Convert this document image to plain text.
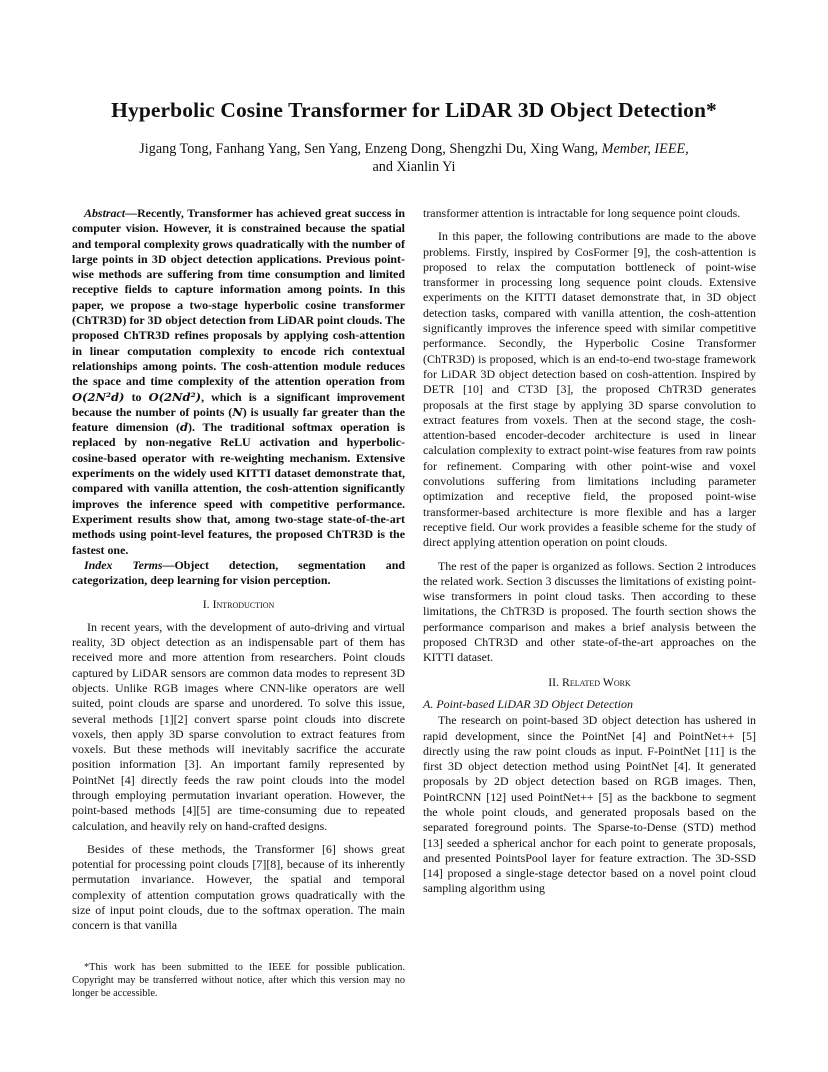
Hyperbolic Cosine Transformer for LiDAR 3D Object Detection*
Jigang Tong, Fanhang Yang, Sen Yang, Enzeng Dong, Shengzhi Du, Xing Wang, Member, IEEE,
and Xianlin Yi

Abstract—Recently, Transformer has achieved great success in computer vision. However, it is constrained because the spatial and temporal complexity grows quadratically with the number of large points in 3D object detection applications. Previous point-wise methods are suffering from time consumption and limited receptive fields to capture information among points. In this paper, we propose a two-stage hyperbolic cosine transformer (ChTR3D) for 3D object detection from LiDAR point clouds. The proposed ChTR3D refines proposals by applying cosh-attention in linear computation complexity to encode rich contextual relationships among points. The cosh-attention module reduces the space and time complexity of the attention operation from O(2N²d) to O(2Nd²), which is a significant improvement because the number of points (N) is usually far greater than the feature dimension (d). The traditional softmax operation is replaced by non-negative ReLU activation and hyperbolic-cosine-based operator with re-weighting mechanism. Extensive experiments on the widely used KITTI dataset demonstrate that, compared with vanilla attention, the cosh-attention significantly improves the inference speed with competitive performance. Experiment results show that, among two-stage state-of-the-art methods using point-level features, the proposed ChTR3D is the fastest one.

Index Terms—Object detection, segmentation and categorization, deep learning for vision perception.

I. Introduction

In recent years, with the development of auto-driving and virtual reality, 3D object detection as an indispensable part of them has received more and more attention from researchers. Point clouds captured by LiDAR sensors are common data modes to represent 3D objects. Unlike RGB images where CNN-like operators are well suited, point clouds are sparse and unordered. To solve this issue, several methods [1][2] convert sparse point clouds into discrete voxels, then apply 3D sparse convolution to extract features from voxels. But these methods will inevitably sacrifice the accurate position information [3]. An important family represented by PointNet [4] directly feeds the raw point clouds into the model through employing permutation invariant operation. However, the point-based methods [4][5] are time-consuming due to repeated calculation, and heavily rely on hand-crafted designs.

Besides of these methods, the Transformer [6] shows great potential for processing point clouds [7][8], because of its inherently permutation invariance. However, the spatial and temporal complexity of attention computation grows quadratically with the size of input point clouds, due to the softmax operation. The main concern is that vanilla

transformer attention is intractable for long sequence point clouds.

In this paper, the following contributions are made to the above problems. Firstly, inspired by CosFormer [9], the cosh-attention is proposed to relax the computation bottleneck of point-wise transformer in processing long sequence point clouds. Extensive experiments on the KITTI dataset demonstrate that, in 3D object detection tasks, compared with vanilla attention, the cosh-attention significantly improves the inference speed with similar competitive performance. Secondly, the Hyperbolic Cosine Transformer (ChTR3D) is proposed, which is an end-to-end two-stage framework for LiDAR 3D object detection based on cosh-attention. Inspired by DETR [10] and CT3D [3], the proposed ChTR3D generates proposals at the first stage by applying 3D sparse convolution to extract features from voxels. Then at the second stage, the cosh-attention-based encoder-decoder architecture is used in linear calculation complexity to extract point-wise features from raw points for refinement. Comparing with other point-wise and voxel convolutions suffering from limitations including parameter optimization and receptive field, the proposed point-wise transformer-based architecture is more flexible and has a larger receptive field. Our work provides a feasible scheme for the study of direct applying attention operation on point clouds.

The rest of the paper is organized as follows. Section 2 introduces the related work. Section 3 discusses the limitations of existing point-wise transformers in point cloud tasks. Then according to these limitations, the ChTR3D is proposed. The fourth section shows the performance comparison and makes a brief analysis between the proposed ChTR3D and other state-of-the-art approaches on the KITTI dataset.

II. Related Work
A. Point-based LiDAR 3D Object Detection

The research on point-based 3D object detection has ushered in rapid development, since the PointNet [4] and PointNet++ [5] directly using the raw point clouds as input. F-PointNet [11] is the first 3D object detection method using PointNet [4]. It generated proposals by 2D object detection based on RGB images. Then, PointRCNN [12] used PointNet++ [5] as the backbone to segment the whole point clouds, and generated proposals based on the separated foreground points. The Sparse-to-Dense (STD) method [13] seeded a spherical anchor for each point to generate proposals, and presented PointsPool layer for feature extraction. The 3D-SSD [14] proposed a single-stage detector based on a novel point cloud sampling algorithm using

*This work has been submitted to the IEEE for possible publication. Copyright may be transferred without notice, after which this version may no longer be accessible.
